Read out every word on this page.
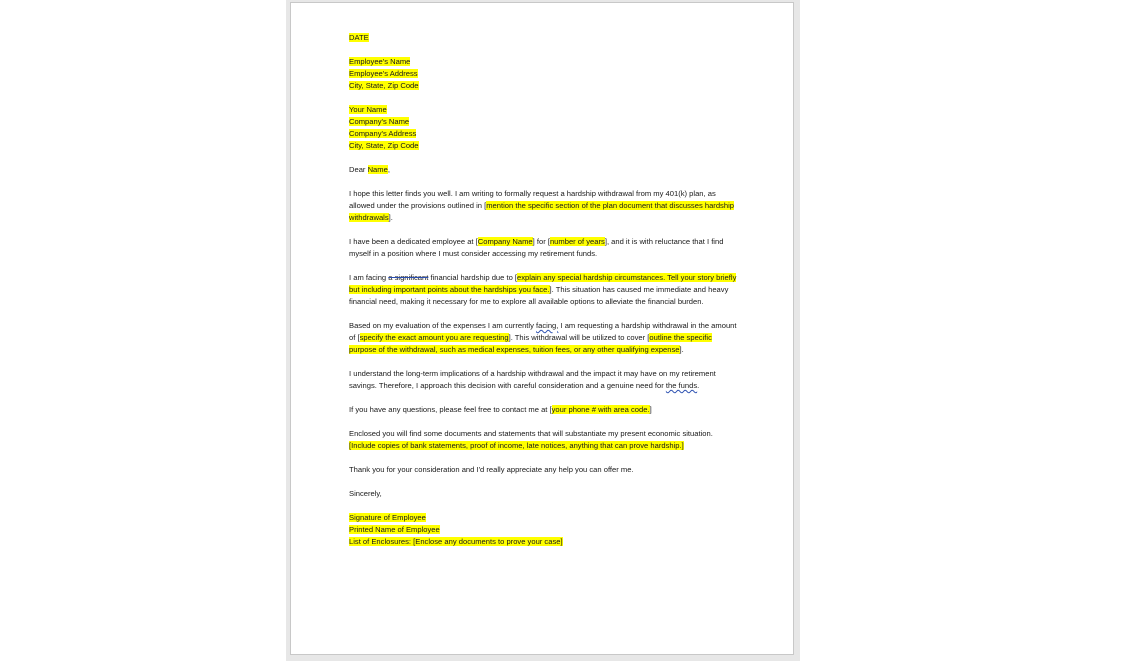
DATE

Employee's Name
Employee's Address
City, State, Zip Code

Your Name
Company's Name
Company's Address
City, State, Zip Code

Dear Name,

I hope this letter finds you well. I am writing to formally request a hardship withdrawal from my 401(k) plan, as allowed under the provisions outlined in [mention the specific section of the plan document that discusses hardship withdrawals].

I have been a dedicated employee at [Company Name] for [number of years], and it is with reluctance that I find myself in a position where I must consider accessing my retirement funds.

I am facing a significant financial hardship due to [explain any special hardship circumstances. Tell your story briefly but including important points about the hardships you face.]. This situation has caused me immediate and heavy financial need, making it necessary for me to explore all available options to alleviate the financial burden.

Based on my evaluation of the expenses I am currently facing, I am requesting a hardship withdrawal in the amount of [specify the exact amount you are requesting]. This withdrawal will be utilized to cover [outline the specific purpose of the withdrawal, such as medical expenses, tuition fees, or any other qualifying expense].

I understand the long-term implications of a hardship withdrawal and the impact it may have on my retirement savings. Therefore, I approach this decision with careful consideration and a genuine need for the funds.

If you have any questions, please feel free to contact me at [your phone # with area code.]

Enclosed you will find some documents and statements that will substantiate my present economic situation. [Include copies of bank statements, proof of income, late notices, anything that can prove hardship.]

Thank you for your consideration and I'd really appreciate any help you can offer me.

Sincerely,

Signature of Employee
Printed Name of Employee
List of Enclosures: [Enclose any documents to prove your case]
